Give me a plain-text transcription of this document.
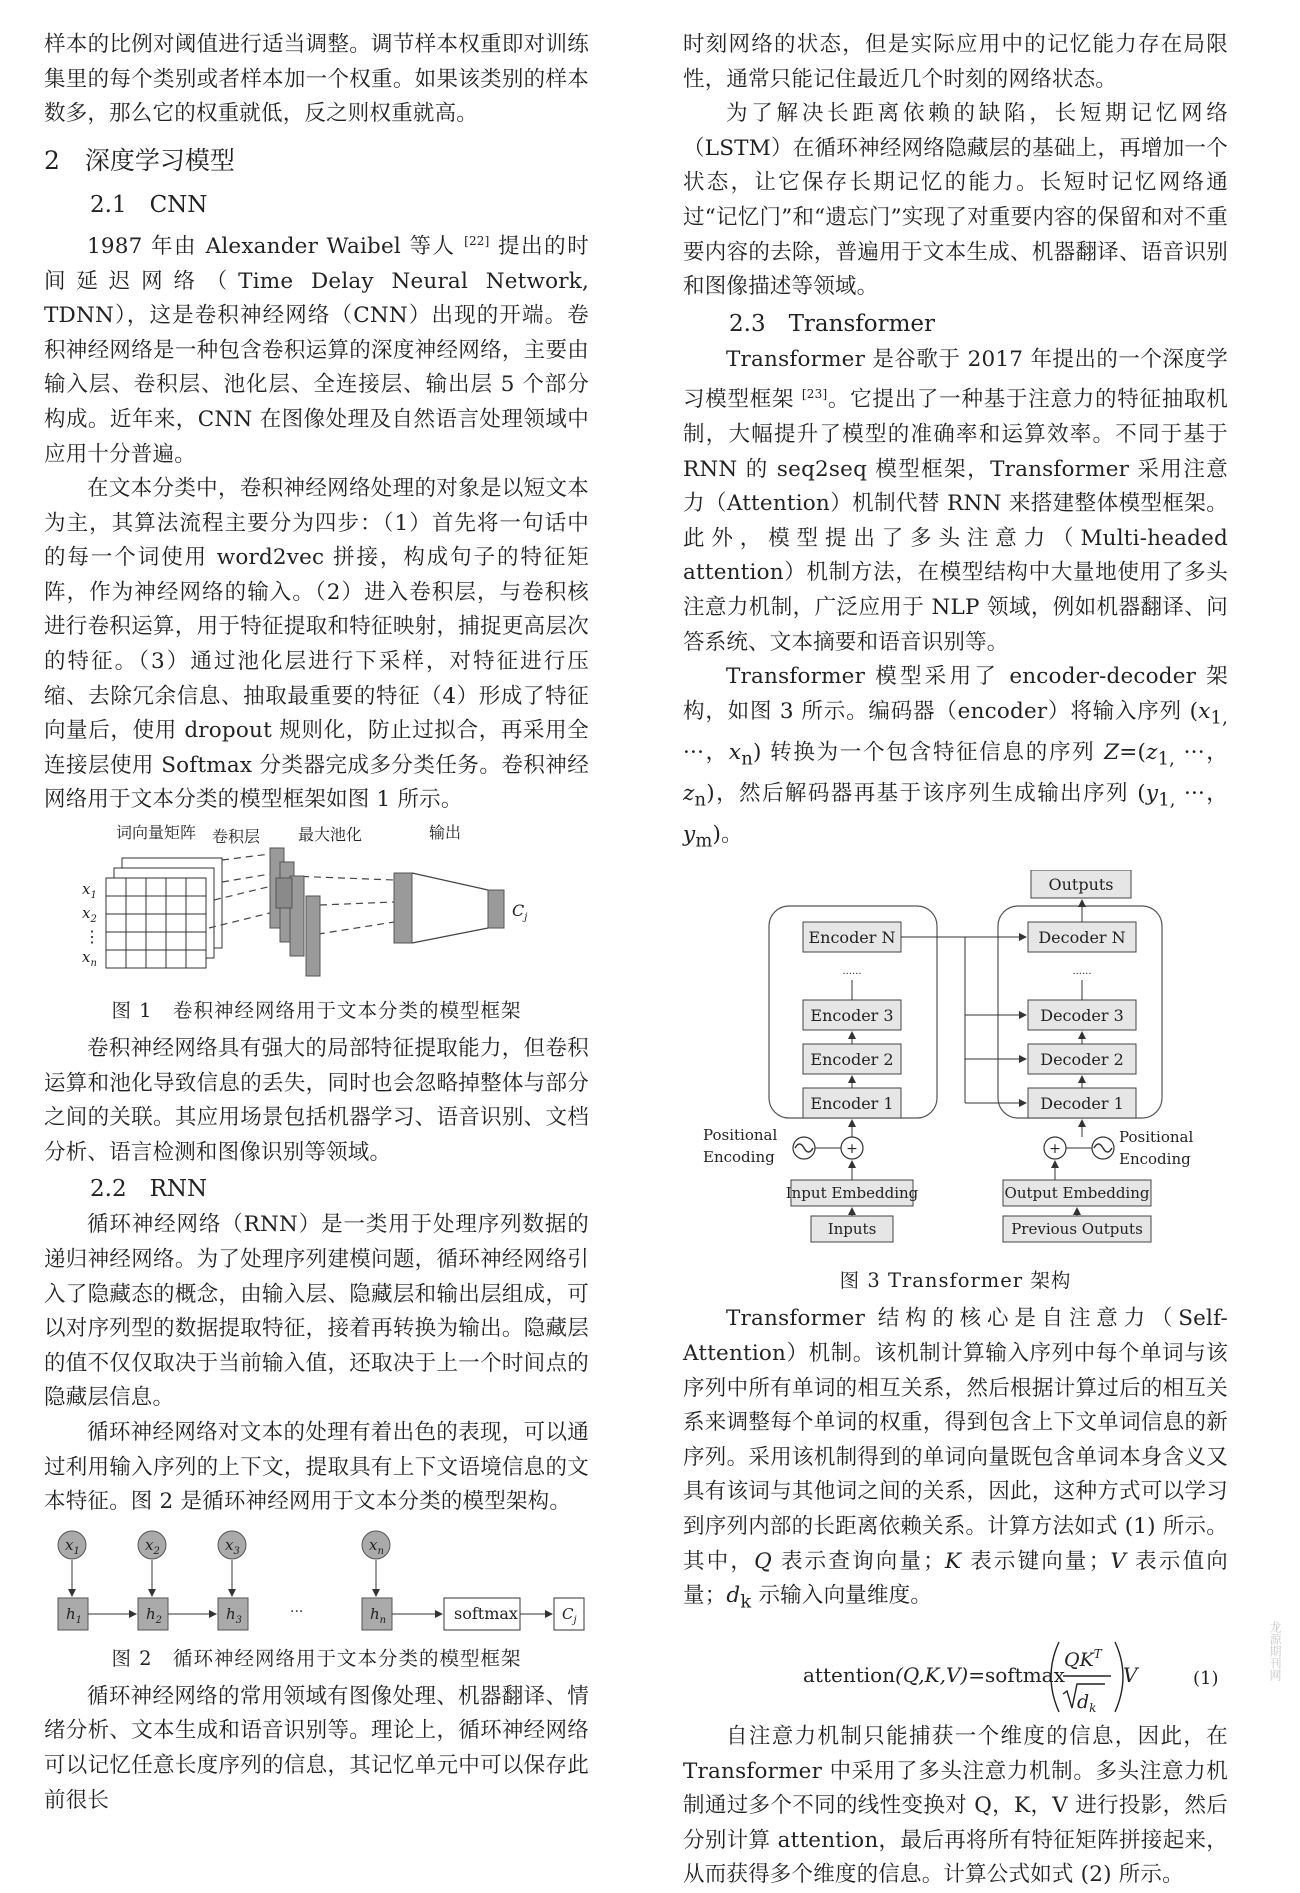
样本的比例对阈值进行适当调整。调节样本权重即对训练集里的每个类别或者样本加一个权重。如果该类别的样本数多，那么它的权重就低，反之则权重就高。

2　深度学习模型
2.1　CNN

1987 年由 Alexander Waibel 等人 [22] 提出的时间延迟网络（Time Delay Neural Network, TDNN），这是卷积神经网络（CNN）出现的开端。卷积神经网络是一种包含卷积运算的深度神经网络，主要由输入层、卷积层、池化层、全连接层、输出层 5 个部分构成。近年来，CNN 在图像处理及自然语言处理领域中应用十分普遍。

在文本分类中，卷积神经网络处理的对象是以短文本为主，其算法流程主要分为四步：（1）首先将一句话中的每一个词使用 word2vec 拼接，构成句子的特征矩阵，作为神经网络的输入。（2）进入卷积层，与卷积核进行卷积运算，用于特征提取和特征映射，捕捉更高层次的特征。（3）通过池化层进行下采样，对特征进行压缩、去除冗余信息、抽取最重要的特征（4）形成了特征向量后，使用 dropout 规则化，防止过拟合，再采用全连接层使用 Softmax 分类器完成多分类任务。卷积神经网络用于文本分类的模型框架如图 1 所示。

词向量矩阵 卷积层 最大池化	输出
$x_1$
$x_2$
⋮
$x_n$
$C_j$
图 1　卷积神经网络用于文本分类的模型框架

卷积神经网络具有强大的局部特征提取能力，但卷积运算和池化导致信息的丢失，同时也会忽略掉整体与部分之间的关联。其应用场景包括机器学习、语音识别、文档分析、语言检测和图像识别等领域。

2.2　RNN

循环神经网络（RNN）是一类用于处理序列数据的递归神经网络。为了处理序列建模问题，循环神经网络引入了隐藏态的概念，由输入层、隐藏层和输出层组成，可以对序列型的数据提取特征，接着再转换为输出。隐藏层的值不仅仅取决于当前输入值，还取决于上一个时间点的隐藏层信息。

循环神经网络对文本的处理有着出色的表现，可以通过利用输入序列的上下文，提取具有上下文语境信息的文本特征。图 2 是循环神经网用于文本分类的模型架构。

$x_1$	$x_2$	$x_3$	$x_n$
$h_1$	$h_2$	$h_3$	$h_n$	$C_j$
···	softmax
图 2　循环神经网络用于文本分类的模型框架

循环神经网络的常用领域有图像处理、机器翻译、情绪分析、文本生成和语音识别等。理论上，循环神经网络可以记忆任意长度序列的信息，其记忆单元中可以保存此前很长

时刻网络的状态，但是实际应用中的记忆能力存在局限性，通常只能记住最近几个时刻的网络状态。

为了解决长距离依赖的缺陷，长短期记忆网络（LSTM）在循环神经网络隐藏层的基础上，再增加一个状态，让它保存长期记忆的能力。长短时记忆网络通过“记忆门”和“遗忘门”实现了对重要内容的保留和对不重要内容的去除，普遍用于文本生成、机器翻译、语音识别和图像描述等领域。

2.3　Transformer

Transformer 是谷歌于 2017 年提出的一个深度学习模型框架 [23]。它提出了一种基于注意力的特征抽取机制，大幅提升了模型的准确率和运算效率。不同于基于 RNN 的 seq2seq 模型框架，Transformer 采用注意力（Attention）机制代替 RNN 来搭建整体模型框架。此外，模型提出了多头注意力（Multi-headed attention）机制方法，在模型结构中大量地使用了多头注意力机制，广泛应用于 NLP 领域，例如机器翻译、问答系统、文本摘要和语音识别等。

Transformer 模型采用了 encoder-decoder 架构，如图 3 所示。编码器（encoder）将输入序列 ($x_{1,}$ ···，$x_n$) 转换为一个包含特征信息的序列 $Z=(z_{1,}$ ···，$z_n$)，然后解码器再基于该序列生成输出序列 ($y_{1,}$ ···，$y_m$)。

Outputs
Encoder N
Encoder 3
Encoder 2
Encoder 1
Decoder N
Decoder 3
Decoder 2
Decoder 1
Input Embedding
Inputs
Output Embedding
Previous Outputs
......	......
+	+
Positional
Encoding
Positional
Encoding
图 3 Transformer 架构

Transformer 结构的核心是自注意力（Self-Attention）机制。该机制计算输入序列中每个单词与该序列中所有单词的相互关系，然后根据计算过后的相互关系来调整每个单词的权重，得到包含上下文单词信息的新序列。采用该机制得到的单词向量既包含单词本身含义又具有该词与其他词之间的关系，因此，这种方式可以学习到序列内部的长距离依赖关系。计算方法如式 (1) 所示。其中，Q 表示查询向量；K 表示键向量；V 表示值向量；$d_k$ 示输入向量维度。

attention(Q,K,V)=softmax
$QK^T$
$d_k$
V	(1)

自注意力机制只能捕获一个维度的信息，因此，在 Transformer 中采用了多头注意力机制。多头注意力机制通过多个不同的线性变换对 Q，K，V 进行投影，然后分别计算 attention，最后再将所有特征矩阵拼接起来，从而获得多个维度的信息。计算公式如式 (2) 所示。

龙源期刊网
